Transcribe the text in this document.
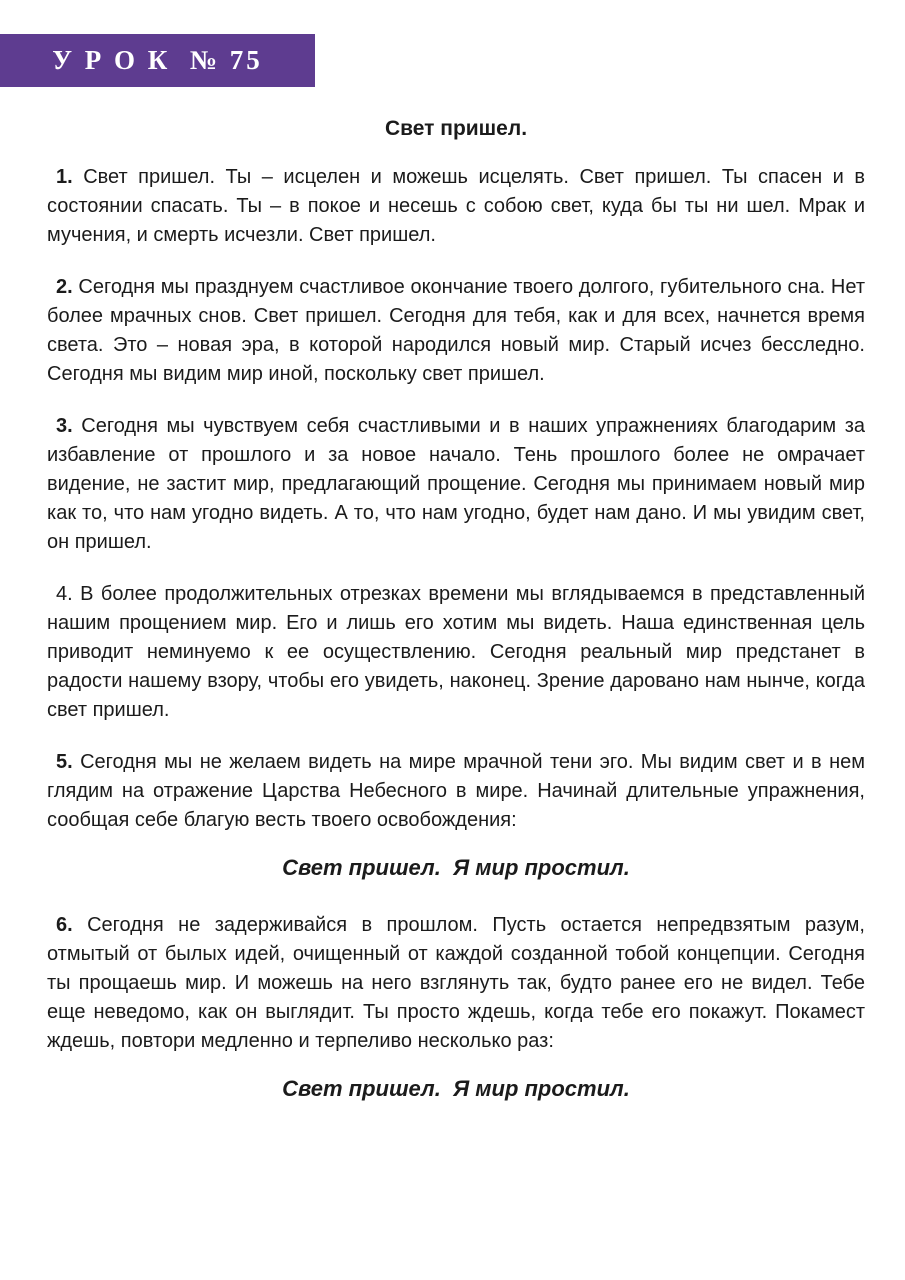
У Р О К  № 75
Свет пришел.

1. Свет пришел. Ты – исцелен и можешь исцелять. Свет пришел. Ты спасен и в состоянии спасать. Ты – в покое и несешь с собою свет, куда бы ты ни шел. Мрак и мучения, и смерть исчезли. Свет пришел.

2. Сегодня мы празднуем счастливое окончание твоего долгого, губительного сна. Нет более мрачных снов. Свет пришел. Сегодня для тебя, как и для всех, начнется время света. Это – новая эра, в которой народился новый мир. Старый исчез бесследно. Сегодня мы видим мир иной, поскольку свет пришел.

3. Сегодня мы чувствуем себя счастливыми и в наших упражнениях благодарим за избавление от прошлого и за новое начало. Тень прошлого более не омрачает видение, не застит мир, предлагающий прощение. Сегодня мы принимаем новый мир как то, что нам угодно видеть. А то, что нам угодно, будет нам дано. И мы увидим свет, он пришел.

4. В более продолжительных отрезках времени мы вглядываемся в представленный нашим прощением мир. Его и лишь его хотим мы видеть. Наша единственная цель приводит неминуемо к ее осуществлению. Сегодня реальный мир предстанет в радости нашему взору, чтобы его увидеть, наконец. Зрение даровано нам нынче, когда свет пришел.

5. Сегодня мы не желаем видеть на мире мрачной тени эго. Мы видим свет и в нем глядим на отражение Царства Небесного в мире. Начинай длительные упражнения, сообщая себе благую весть твоего освобождения:

Свет пришел.  Я мир простил.

6. Сегодня не задерживайся в прошлом. Пусть остается непредвзятым разум, отмытый от былых идей, очищенный от каждой созданной тобой концепции. Сегодня ты прощаешь мир. И можешь на него взглянуть так, будто ранее его не видел. Тебе еще неведомо, как он выглядит. Ты просто ждешь, когда тебе его покажут. Покамест ждешь, повтори медленно и терпеливо несколько раз:

Свет пришел.  Я мир простил.
